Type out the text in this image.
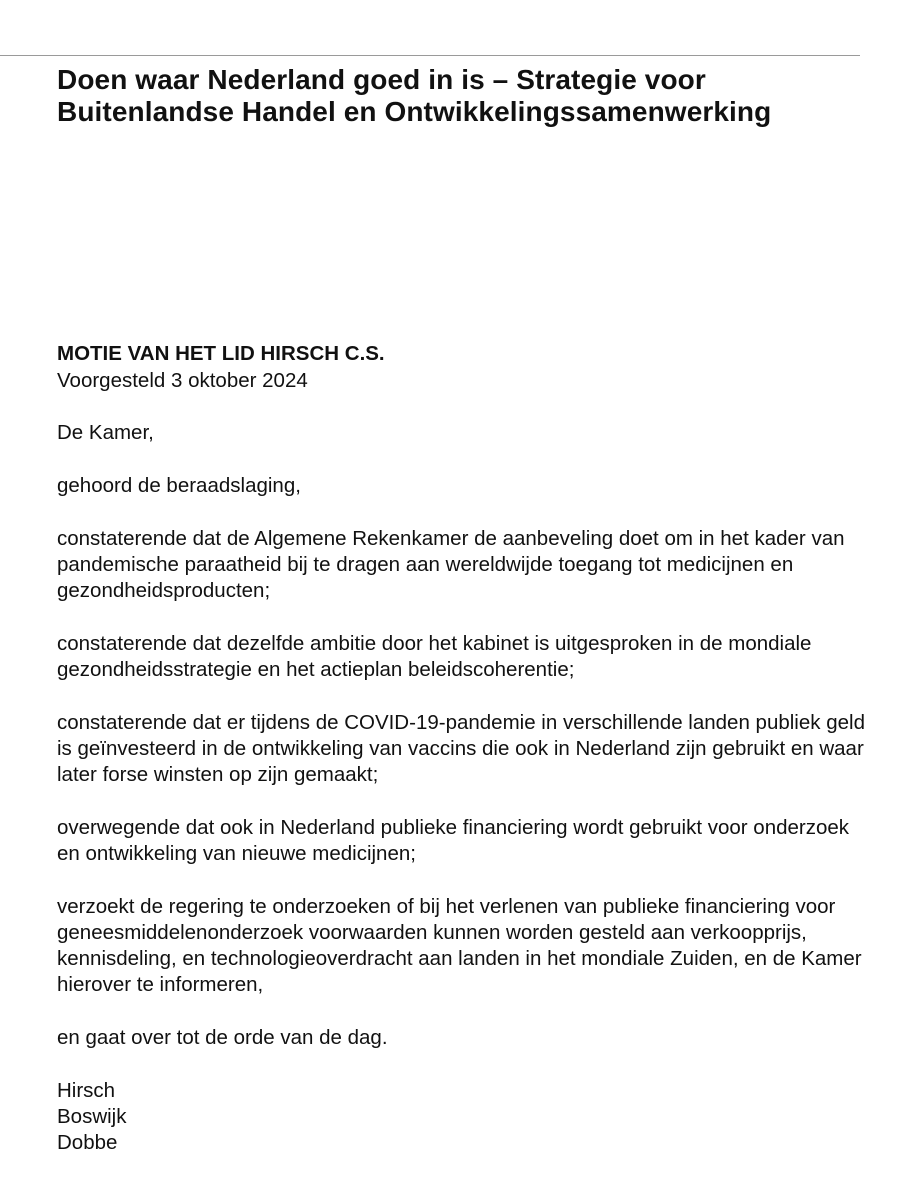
Doen waar Nederland goed in is – Strategie voor Buitenlandse Handel en Ontwikkelingssamenwerking
MOTIE VAN HET LID HIRSCH C.S.

Voorgesteld 3 oktober 2024

De Kamer,

gehoord de beraadslaging,

constaterende dat de Algemene Rekenkamer de aanbeveling doet om in het kader van pandemische paraatheid bij te dragen aan wereldwijde toegang tot medicijnen en gezondheidsproducten;

constaterende dat dezelfde ambitie door het kabinet is uitgesproken in de mondiale gezondheidsstrategie en het actieplan beleidscoherentie;

constaterende dat er tijdens de COVID-19-pandemie in verschillende landen publiek geld is geïnvesteerd in de ontwikkeling van vaccins die ook in Nederland zijn gebruikt en waar later forse winsten op zijn gemaakt;

overwegende dat ook in Nederland publieke financiering wordt gebruikt voor onderzoek en ontwikkeling van nieuwe medicijnen;

verzoekt de regering te onderzoeken of bij het verlenen van publieke financiering voor geneesmiddelenonderzoek voorwaarden kunnen worden gesteld aan verkoopprijs, kennisdeling, en technologieoverdracht aan landen in het mondiale Zuiden, en de Kamer hierover te informeren,

en gaat over tot de orde van de dag.

Hirsch
Boswijk
Dobbe
